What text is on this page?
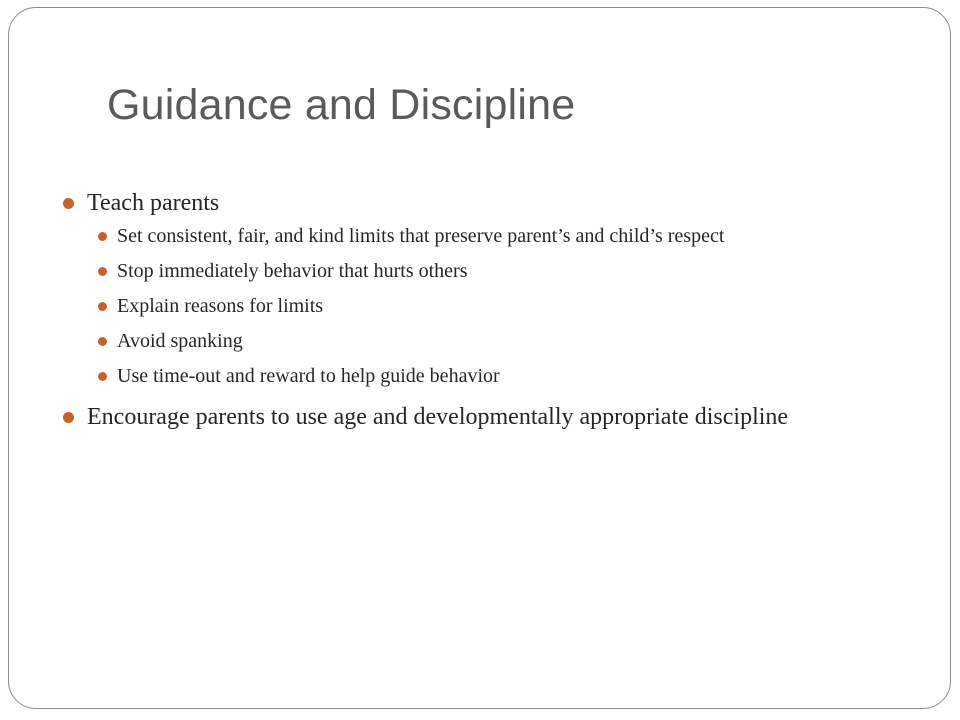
Guidance and Discipline
Teach parents
Set consistent, fair, and kind limits that preserve parent’s and child’s respect
Stop immediately behavior that hurts others
Explain reasons for limits
Avoid spanking
Use time-out and reward to help guide behavior
Encourage parents to use age and developmentally appropriate discipline
